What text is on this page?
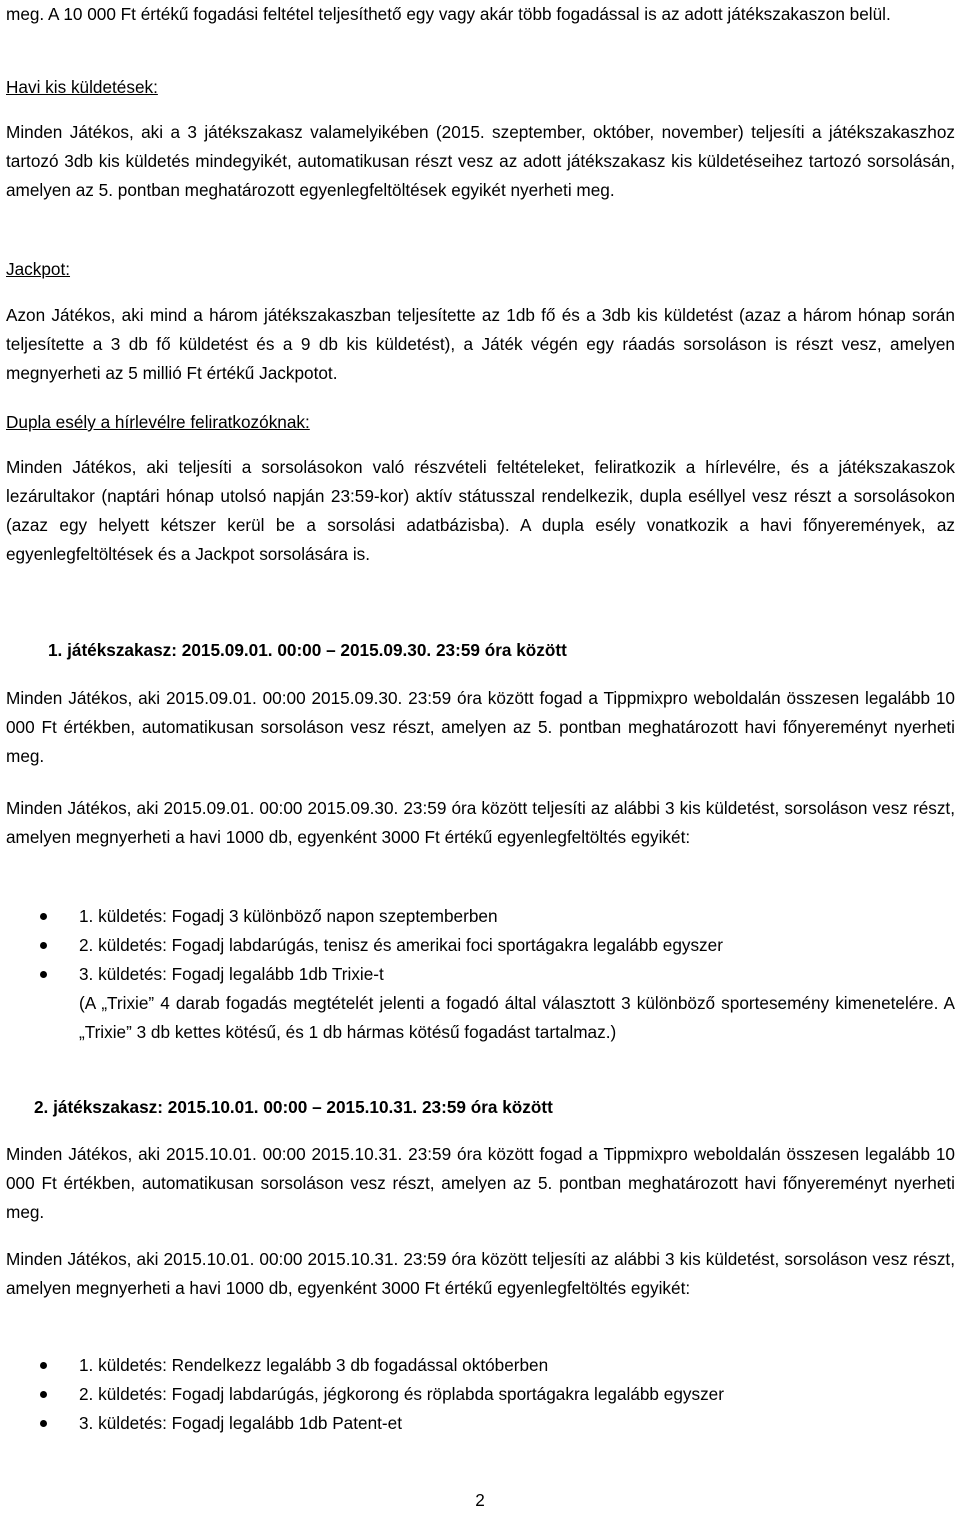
meg. A 10 000 Ft értékű fogadási feltétel teljesíthető egy vagy akár több fogadással is az adott játékszakaszon belül.

Havi kis küldetések:

Minden Játékos, aki a 3 játékszakasz valamelyikében (2015. szeptember, október, november) teljesíti a játékszakaszhoz tartozó 3db kis küldetés mindegyikét, automatikusan részt vesz az adott játékszakasz kis küldetéseihez tartozó sorsolásán, amelyen az 5. pontban meghatározott egyenlegfeltöltések egyikét nyerheti meg.

Jackpot:

Azon Játékos, aki mind a három játékszakaszban teljesítette az 1db fő és a 3db kis küldetést (azaz a három hónap során teljesítette a 3 db fő küldetést és a 9 db kis küldetést), a Játék végén egy ráadás sorsoláson is részt vesz, amelyen megnyerheti az 5 millió Ft értékű Jackpotot.

Dupla esély a hírlevélre feliratkozóknak:

Minden Játékos, aki teljesíti a sorsolásokon való részvételi feltételeket, feliratkozik a hírlevélre, és a játékszakaszok lezárultakor (naptári hónap utolsó napján 23:59-kor) aktív státusszal rendelkezik, dupla eséllyel vesz részt a sorsolásokon (azaz egy helyett kétszer kerül be a sorsolási adatbázisba). A dupla esély vonatkozik a havi főnyeremények, az egyenlegfeltöltések és a Jackpot sorsolására is.

1. játékszakasz: 2015.09.01. 00:00 – 2015.09.30. 23:59 óra között

Minden Játékos, aki 2015.09.01. 00:00 2015.09.30. 23:59 óra között fogad a Tippmixpro weboldalán összesen legalább 10 000 Ft értékben, automatikusan sorsoláson vesz részt, amelyen az 5. pontban meghatározott havi főnyereményt nyerheti meg.

Minden Játékos, aki 2015.09.01. 00:00 2015.09.30. 23:59 óra között teljesíti az alábbi 3 kis küldetést, sorsoláson vesz részt, amelyen megnyerheti a havi 1000 db, egyenként 3000 Ft értékű egyenlegfeltöltés egyikét:

1. küldetés: Fogadj 3 különböző napon szeptemberben
2. küldetés: Fogadj labdarúgás, tenisz és amerikai foci sportágakra legalább egyszer
3. küldetés: Fogadj legalább 1db Trixie-t
(A „Trixie” 4 darab fogadás megtételét jelenti a fogadó által választott 3 különböző sportesemény kimenetelére. A „Trixie” 3 db kettes kötésű, és 1 db hármas kötésű fogadást tartalmaz.)

2. játékszakasz: 2015.10.01. 00:00 – 2015.10.31. 23:59 óra között

Minden Játékos, aki 2015.10.01. 00:00 2015.10.31. 23:59 óra között fogad a Tippmixpro weboldalán összesen legalább 10 000 Ft értékben, automatikusan sorsoláson vesz részt, amelyen az 5. pontban meghatározott havi főnyereményt nyerheti meg.

Minden Játékos, aki 2015.10.01. 00:00 2015.10.31. 23:59 óra között teljesíti az alábbi 3 kis küldetést, sorsoláson vesz részt, amelyen megnyerheti a havi 1000 db, egyenként 3000 Ft értékű egyenlegfeltöltés egyikét:

1. küldetés: Rendelkezz legalább 3 db fogadással októberben
2. küldetés: Fogadj labdarúgás, jégkorong és röplabda sportágakra legalább egyszer
3. küldetés: Fogadj legalább 1db Patent-et
2
